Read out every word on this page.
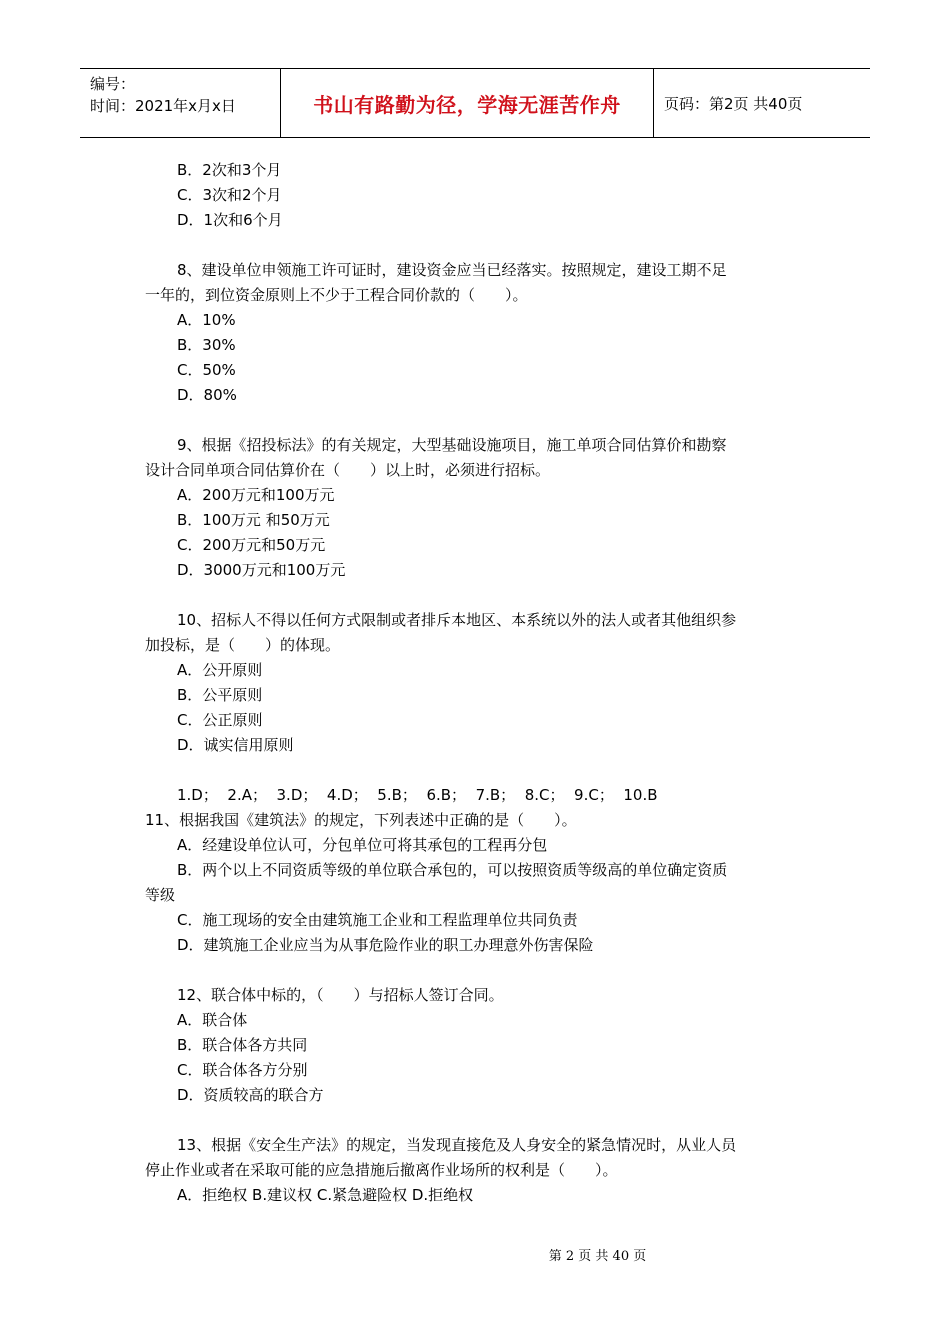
编号：
时间：2021年x月x日	书山有路勤为径，学海无涯苦作舟	页码：第2页 共40页
B．2次和3个月
C．3次和2个月
D．1次和6个月
8、建设单位申领施工许可证时，建设资金应当已经落实。按照规定，建设工期不足
一年的，到位资金原则上不少于工程合同价款的（　　）。
A．10%
B．30%
C．50%
D．80%
9、根据《招投标法》的有关规定，大型基础设施项目，施工单项合同估算价和勘察
设计合同单项合同估算价在（　　）以上时，必须进行招标。
A．200万元和100万元
B．100万元 和50万元
C．200万元和50万元
D．3000万元和100万元
10、招标人不得以任何方式限制或者排斥本地区、本系统以外的法人或者其他组织参
加投标，是（　　）的体现。
A．公开原则
B．公平原则
C．公正原则
D．诚实信用原则
1.D；  2.A；  3.D；  4.D；  5.B；  6.B；  7.B；  8.C；  9.C；  10.B
11、根据我国《建筑法》的规定，下列表述中正确的是（　　）。
A．经建设单位认可，分包单位可将其承包的工程再分包
B．两个以上不同资质等级的单位联合承包的，可以按照资质等级高的单位确定资质
等级
C．施工现场的安全由建筑施工企业和工程监理单位共同负责
D．建筑施工企业应当为从事危险作业的职工办理意外伤害保险
12、联合体中标的，（　　）与招标人签订合同。
A．联合体
B．联合体各方共同
C．联合体各方分别
D．资质较高的联合方
13、根据《安全生产法》的规定，当发现直接危及人身安全的紧急情况时，从业人员
停止作业或者在采取可能的应急措施后撤离作业场所的权利是（　　）。
A．拒绝权 B.建议权 C.紧急避险权 D.拒绝权
第 2 页 共 40 页
